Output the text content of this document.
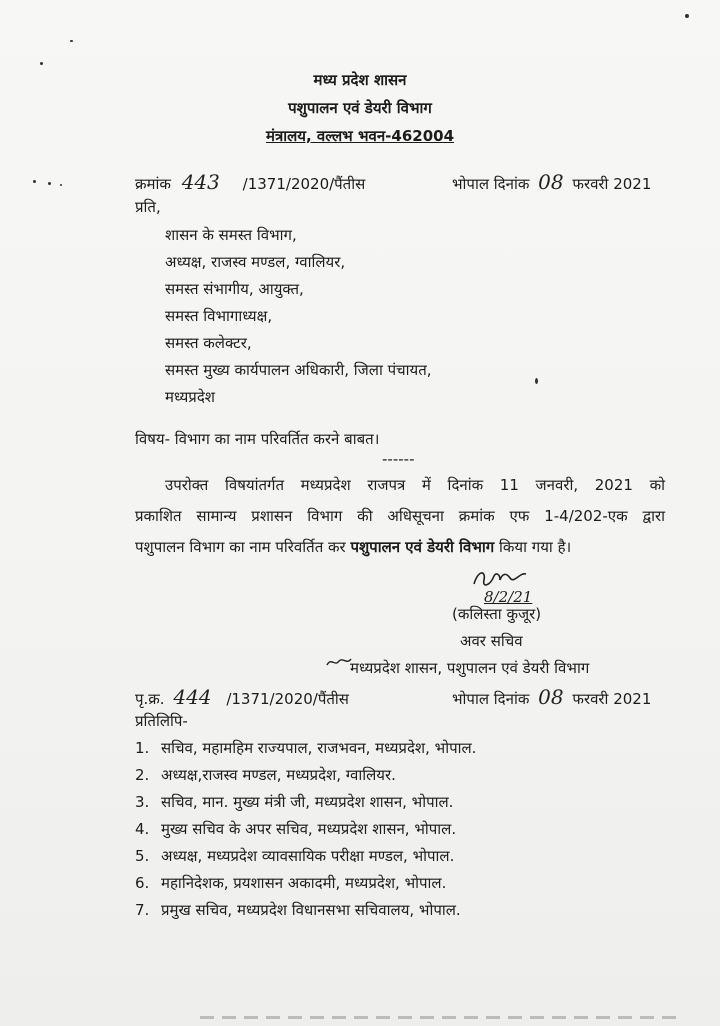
मध्य प्रदेश शासन
पशुपालन एवं डेयरी विभाग
मंत्रालय, वल्लभ भवन-462004
क्रमांक 443 /1371/2020/पैंतीस	भोपाल दिनांक 08 फरवरी 2021
प्रति,
शासन के समस्त विभाग,
अध्यक्ष, राजस्व मण्डल, ग्वालियर,
समस्त संभागीय, आयुक्त,
समस्त विभागाध्यक्ष,
समस्त कलेक्टर,
समस्त मुख्य कार्यपालन अधिकारी, जिला पंचायत,
मध्यप्रदेश
विषय- विभाग का नाम परिवर्तित करने बाबत।
------
उपरोक्त विषयांतर्गत मध्यप्रदेश राजपत्र में दिनांक 11 जनवरी, 2021 को
प्रकाशित सामान्य प्रशासन विभाग की अधिसूचना क्रमांक एफ 1-4/202-एक द्वारा
पशुपालन विभाग का नाम परिवर्तित कर पशुपालन एवं डेयरी विभाग किया गया है।
8/2/21
(कलिस्ता कुजूर)
अवर सचिव
मध्यप्रदेश शासन, पशुपालन एवं डेयरी विभाग
पृ.क्र. 444 /1371/2020/पैंतीस	भोपाल दिनांक 08 फरवरी 2021
प्रतिलिपि-
1. सचिव, महामहिम राज्यपाल, राजभवन, मध्यप्रदेश, भोपाल.
2. अध्यक्ष,राजस्व मण्डल, मध्यप्रदेश, ग्वालियर.
3. सचिव, मान. मुख्य मंत्री जी, मध्यप्रदेश शासन, भोपाल.
4. मुख्य सचिव के अपर सचिव, मध्यप्रदेश शासन, भोपाल.
5. अध्यक्ष, मध्यप्रदेश व्यावसायिक परीक्षा मण्डल, भोपाल.
6. महानिदेशक, प्रयशासन अकादमी, मध्यप्रदेश, भोपाल.
7. प्रमुख सचिव, मध्यप्रदेश विधानसभा सचिवालय, भोपाल.
